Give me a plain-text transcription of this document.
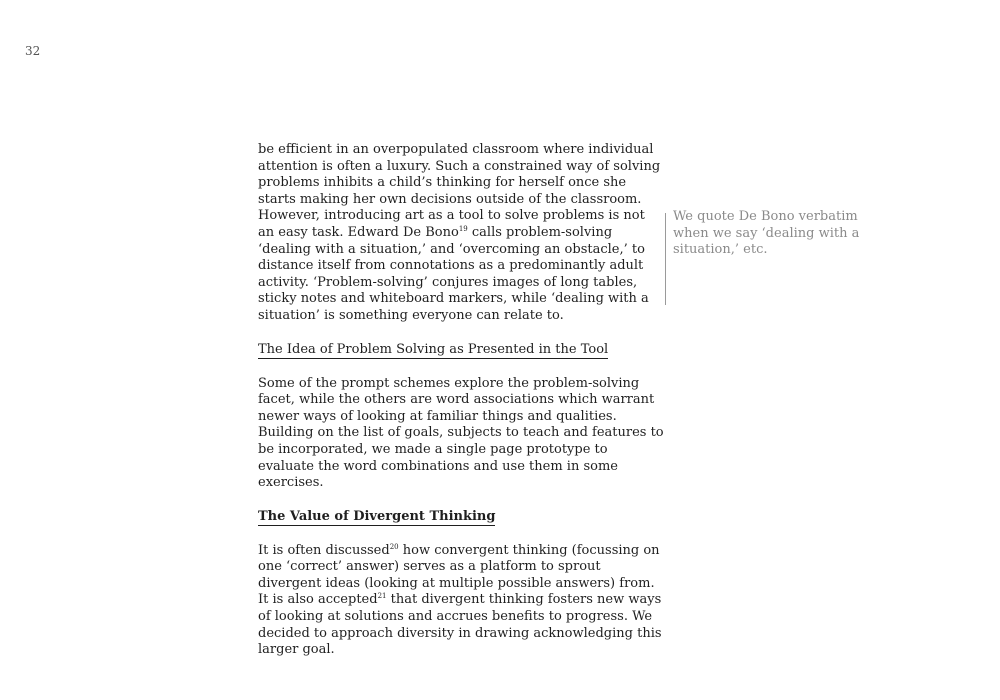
32

be efficient in an overpopulated classroom where individual attention is often a luxury. Such a constrained way of solving problems inhibits a child’s thinking for herself once she starts making her own decisions outside of the classroom. However, introducing art as a tool to solve problems is not an easy task. Edward De Bono$^{19}$ calls problem-solving ‘dealing with a situation,’ and ‘overcoming an obstacle,’ to distance itself from connotations as a predominantly adult activity. ‘Problem-solving’ conjures images of long tables, sticky notes and whiteboard markers, while ‘dealing with a situation’ is something everyone can relate to.

The Idea of Problem Solving as Presented in the Tool

Some of the prompt schemes explore the problem-solving facet, while the others are word associations which warrant newer ways of looking at familiar things and qualities. Building on the list of goals, subjects to teach and features to be incorporated, we made a single page prototype to evaluate the word combinations and use them in some exercises.

The Value of Divergent Thinking

It is often discussed$^{20}$ how convergent thinking (focussing on one ‘correct’ answer) serves as a platform to sprout divergent ideas (looking at multiple possible answers) from. It is also accepted$^{21}$ that divergent thinking fosters new ways of looking at solutions and accrues benefits to progress. We decided to approach diversity in drawing acknowledging this larger goal.

We quote De Bono verbatim when we say ‘dealing with a situation,’ etc.
